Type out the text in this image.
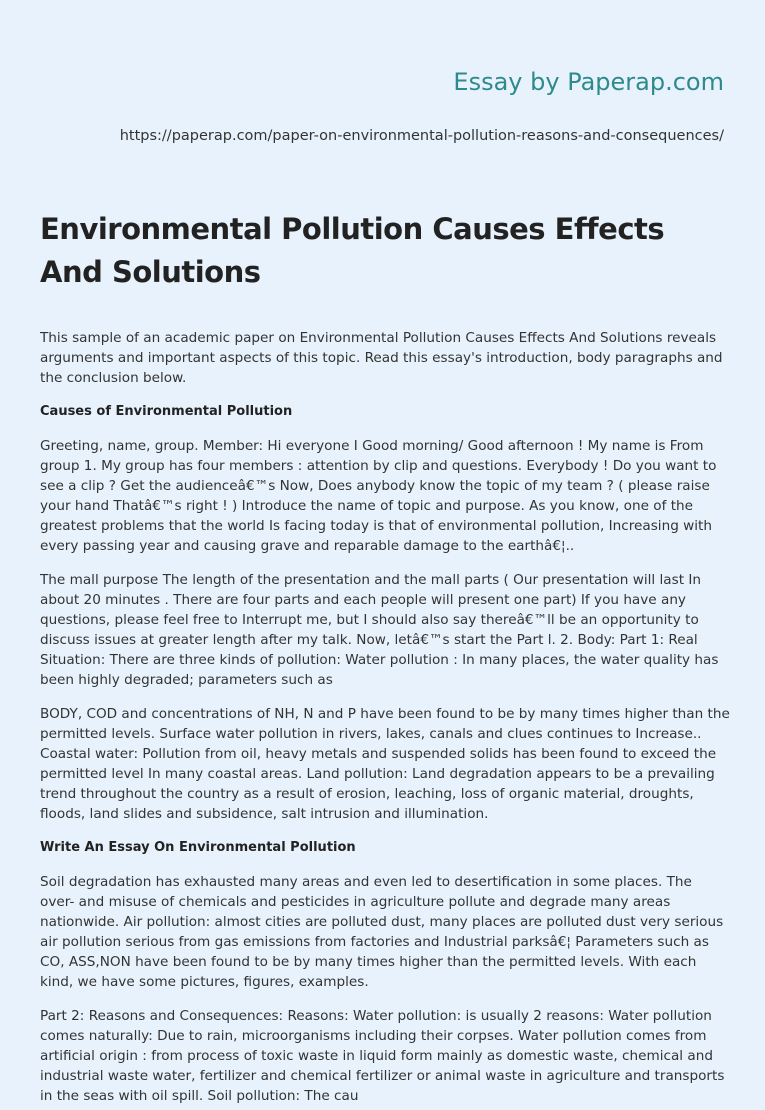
Essay by Paperap.com
https://paperap.com/paper-on-environmental-pollution-reasons-and-consequences/
Environmental Pollution Causes Effects And Solutions

This sample of an academic paper on Environmental Pollution Causes Effects And Solutions reveals arguments and important aspects of this topic. Read this essay's introduction, body paragraphs and the conclusion below.

Causes of Environmental Pollution

Greeting, name, group. Member: Hi everyone I Good morning/ Good afternoon ! My name is From group 1. My group has four members : attention by clip and questions. Everybody ! Do you want to see a clip ? Get the audienceâ€™s Now, Does anybody know the topic of my team ? ( please raise your hand Thatâ€™s right ! ) Introduce the name of topic and purpose. As you know, one of the greatest problems that the world Is facing today is that of environmental pollution, Increasing with every passing year and causing grave and reparable damage to the earthâ€¦..

The mall purpose The length of the presentation and the mall parts ( Our presentation will last In about 20 minutes . There are four parts and each people will present one part) If you have any questions, please feel free to Interrupt me, but I should also say thereâ€™ll be an opportunity to discuss issues at greater length after my talk. Now, letâ€™s start the Part l. 2. Body: Part 1: Real Situation: There are three kinds of pollution: Water pollution : In many places, the water quality has been highly degraded; parameters such as

BODY, COD and concentrations of NH, N and P have been found to be by many times higher than the permitted levels. Surface water pollution in rivers, lakes, canals and clues continues to Increase.. Coastal water: Pollution from oil, heavy metals and suspended solids has been found to exceed the permitted level In many coastal areas. Land pollution: Land degradation appears to be a prevailing trend throughout the country as a result of erosion, leaching, loss of organic material, droughts, floods, land slides and subsidence, salt intrusion and illumination.

Write An Essay On Environmental Pollution

Soil degradation has exhausted many areas and even led to desertification in some places. The over- and misuse of chemicals and pesticides in agriculture pollute and degrade many areas nationwide. Air pollution: almost cities are polluted dust, many places are polluted dust very serious air pollution serious from gas emissions from factories and Industrial parksâ€¦ Parameters such as CO, ASS,NON have been found to be by many times higher than the permitted levels. With each kind, we have some pictures, figures, examples.

Part 2: Reasons and Consequences: Reasons: Water pollution: is usually 2 reasons: Water pollution comes naturally: Due to rain, microorganisms including their corpses. Water pollution comes from artificial origin : from process of toxic waste in liquid form mainly as domestic waste, chemical and industrial waste water, fertilizer and chemical fertilizer or animal waste in agriculture and transports in the seas with oil spill. Soil pollution: The cau
